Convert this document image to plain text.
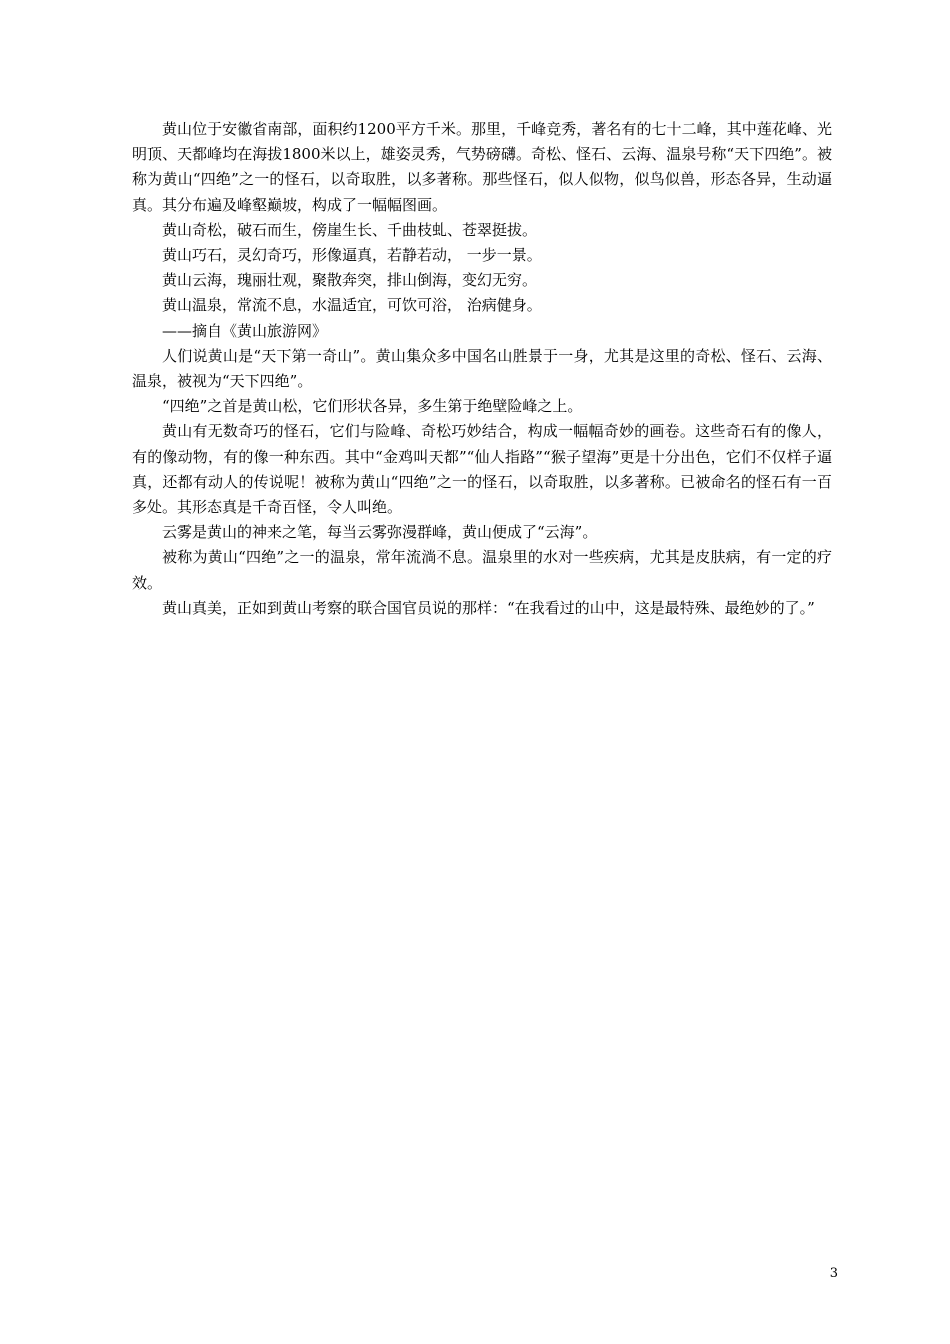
黄山位于安徽省南部，面积约1200平方千米。那里，千峰竞秀，著名有的七十二峰，其中莲花峰、光明顶、天都峰均在海拔1800米以上，雄姿灵秀，气势磅礴。奇松、怪石、云海、温泉号称“天下四绝”。被称为黄山“四绝”之一的怪石，以奇取胜，以多著称。那些怪石，似人似物，似鸟似兽，形态各异，生动逼真。其分布遍及峰壑巅坡，构成了一幅幅图画。

黄山奇松，破石而生，傍崖生长、千曲枝虬、苍翠挺拔。

黄山巧石，灵幻奇巧，形像逼真，若静若动， 一步一景。

黄山云海，瑰丽壮观，聚散奔突，排山倒海，变幻无穷。

黄山温泉，常流不息，水温适宜，可饮可浴， 治病健身。

——摘自《黄山旅游网》

人们说黄山是“天下第一奇山”。黄山集众多中国名山胜景于一身，尤其是这里的奇松、怪石、云海、温泉，被视为“天下四绝”。

“四绝”之首是黄山松，它们形状各异，多生第于绝壁险峰之上。

黄山有无数奇巧的怪石，它们与险峰、奇松巧妙结合，构成一幅幅奇妙的画卷。这些奇石有的像人，有的像动物，有的像一种东西。其中“金鸡叫天都”“仙人指路”“猴子望海”更是十分出色，它们不仅样子逼真，还都有动人的传说呢！被称为黄山“四绝”之一的怪石，以奇取胜，以多著称。已被命名的怪石有一百多处。其形态真是千奇百怪，令人叫绝。

云雾是黄山的神来之笔，每当云雾弥漫群峰，黄山便成了“云海”。

被称为黄山“四绝”之一的温泉，常年流淌不息。温泉里的水对一些疾病，尤其是皮肤病，有一定的疗效。

黄山真美，正如到黄山考察的联合国官员说的那样：“在我看过的山中，这是最特殊、最绝妙的了。”

3
